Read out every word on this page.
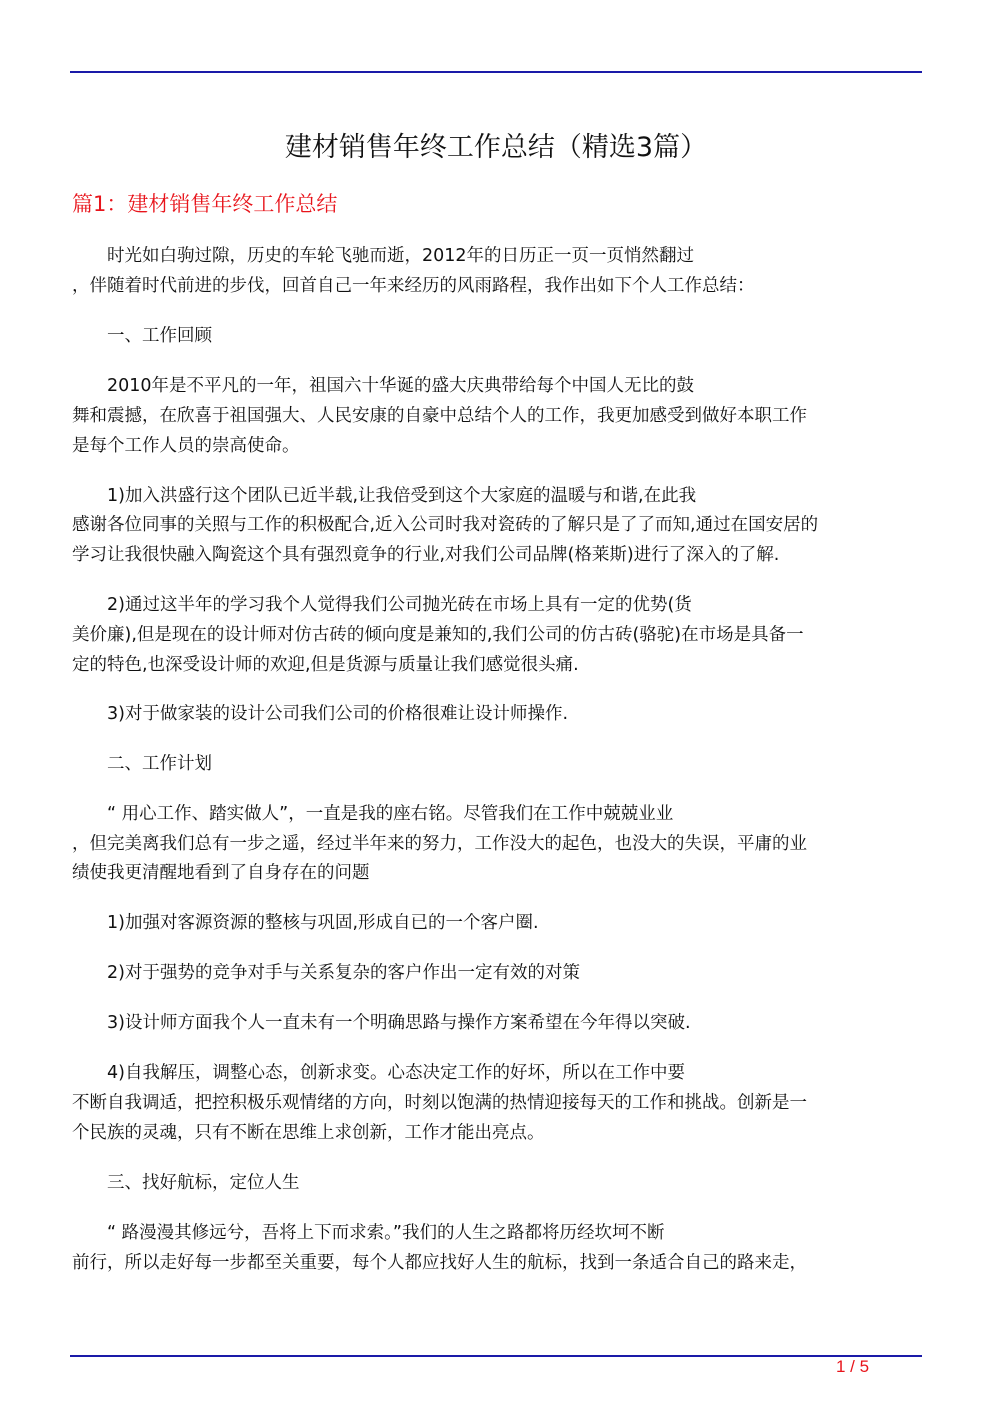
建材销售年终工作总结（精选3篇）
篇1：建材销售年终工作总结
时光如白驹过隙，历史的车轮飞驰而逝，2012年的日历正一页一页悄然翻过
，伴随着时代前进的步伐，回首自己一年来经历的风雨路程，我作出如下个人工作总结：
一、工作回顾
2010年是不平凡的一年，祖国六十华诞的盛大庆典带给每个中国人无比的鼓
舞和震撼，在欣喜于祖国强大、人民安康的自豪中总结个人的工作，我更加感受到做好本职工作
是每个工作人员的崇高使命。
1)加入洪盛行这个团队已近半载,让我倍受到这个大家庭的温暖与和谐,在此我
感谢各位同事的关照与工作的积极配合,近入公司时我对瓷砖的了解只是了了而知,通过在国安居的
学习让我很快融入陶瓷这个具有强烈竟争的行业,对我们公司品牌(格莱斯)进行了深入的了解.
2)通过这半年的学习我个人觉得我们公司抛光砖在市场上具有一定的优势(货
美价廉),但是现在的设计师对仿古砖的倾向度是兼知的,我们公司的仿古砖(骆驼)在市场是具备一
定的特色,也深受设计师的欢迎,但是货源与质量让我们感觉很头痛.
3)对于做家装的设计公司我们公司的价格很难让设计师操作.
二、工作计划
“ 用心工作、踏实做人”，一直是我的座右铭。尽管我们在工作中兢兢业业
，但完美离我们总有一步之遥，经过半年来的努力，工作没大的起色，也没大的失误，平庸的业
绩使我更清醒地看到了自身存在的问题
1)加强对客源资源的整核与巩固,形成自已的一个客户圈.
2)对于强势的竞争对手与关系复杂的客户作出一定有效的对策
3)设计师方面我个人一直未有一个明确思路与操作方案希望在今年得以突破.
4)自我解压，调整心态，创新求变。心态决定工作的好坏，所以在工作中要
不断自我调适，把控积极乐观情绪的方向，时刻以饱满的热情迎接每天的工作和挑战。创新是一
个民族的灵魂，只有不断在思维上求创新，工作才能出亮点。
三、找好航标，定位人生
“ 路漫漫其修远兮，吾将上下而求索。”我们的人生之路都将历经坎坷不断
前行，所以走好每一步都至关重要，每个人都应找好人生的航标，找到一条适合自己的路来走，
1 / 5
